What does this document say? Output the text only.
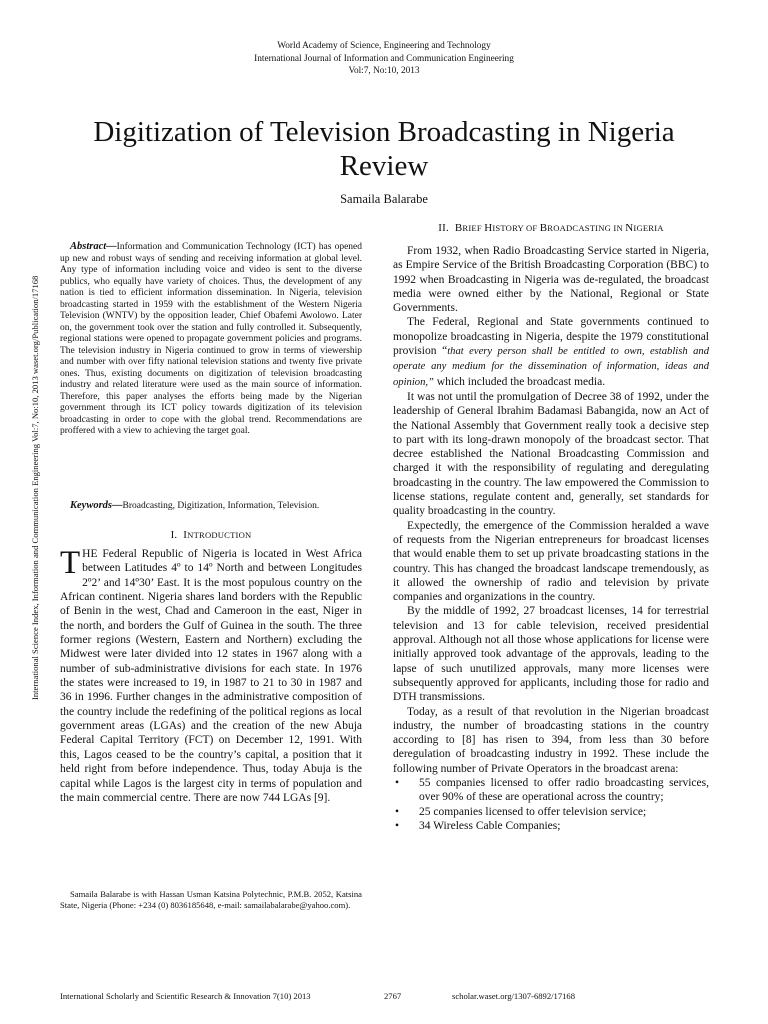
World Academy of Science, Engineering and Technology
International Journal of Information and Communication Engineering
Vol:7, No:10, 2013
Digitization of Television Broadcasting in Nigeria
Review
Samaila Balarabe
International Science Index, Information and Communication Engineering Vol:7, No:10, 2013 waset.org/Publication/17168
Abstract—Information and Communication Technology (ICT) has opened up new and robust ways of sending and receiving information at global level. Any type of information including voice and video is sent to the diverse publics, who equally have variety of choices. Thus, the development of any nation is tied to efficient information dissemination. In Nigeria, television broadcasting started in 1959 with the establishment of the Western Nigeria Television (WNTV) by the opposition leader, Chief Obafemi Awolowo. Later on, the government took over the station and fully controlled it. Subsequently, regional stations were opened to propagate government policies and programs. The television industry in Nigeria continued to grow in terms of viewership and number with over fifty national television stations and twenty five private ones. Thus, existing documents on digitization of television broadcasting industry and related literature were used as the main source of information. Therefore, this paper analyses the efforts being made by the Nigerian government through its ICT policy towards digitization of its television broadcasting in order to cope with the global trend. Recommendations are proffered with a view to achieving the target goal.
Keywords—Broadcasting, Digitization, Information, Television.
I. INTRODUCTION
THE Federal Republic of Nigeria is located in West Africa between Latitudes 4º to 14º North and between Longitudes 2º2’ and 14º30’ East. It is the most populous country on the African continent. Nigeria shares land borders with the Republic of Benin in the west, Chad and Cameroon in the east, Niger in the north, and borders the Gulf of Guinea in the south. The three former regions (Western, Eastern and Northern) excluding the Midwest were later divided into 12 states in 1967 along with a number of sub-administrative divisions for each state. In 1976 the states were increased to 19, in 1987 to 21 to 30 in 1987 and 36 in 1996. Further changes in the administrative composition of the country include the redefining of the political regions as local government areas (LGAs) and the creation of the new Abuja Federal Capital Territory (FCT) on December 12, 1991. With this, Lagos ceased to be the country’s capital, a position that it held right from before independence. Thus, today Abuja is the capital while Lagos is the largest city in terms of population and the main commercial centre. There are now 744 LGAs [9].
Samaila Balarabe is with Hassan Usman Katsina Polytechnic, P.M.B. 2052, Katsina State, Nigeria (Phone: +234 (0) 8036185648, e-mail: samailabalarabe@yahoo.com).
II. BRIEF HISTORY OF BROADCASTING IN NIGERIA

From 1932, when Radio Broadcasting Service started in Nigeria, as Empire Service of the British Broadcasting Corporation (BBC) to 1992 when Broadcasting in Nigeria was de-regulated, the broadcast media were owned either by the National, Regional or State Governments.

The Federal, Regional and State governments continued to monopolize broadcasting in Nigeria, despite the 1979 constitutional provision “that every person shall be entitled to own, establish and operate any medium for the dissemination of information, ideas and opinion,” which included the broadcast media.

It was not until the promulgation of Decree 38 of 1992, under the leadership of General Ibrahim Badamasi Babangida, now an Act of the National Assembly that Government really took a decisive step to part with its long-drawn monopoly of the broadcast sector. That decree established the National Broadcasting Commission and charged it with the responsibility of regulating and deregulating broadcasting in the country. The law empowered the Commission to license stations, regulate content and, generally, set standards for quality broadcasting in the country.

Expectedly, the emergence of the Commission heralded a wave of requests from the Nigerian entrepreneurs for broadcast licenses that would enable them to set up private broadcasting stations in the country. This has changed the broadcast landscape tremendously, as it allowed the ownership of radio and television by private companies and organizations in the country.

By the middle of 1992, 27 broadcast licenses, 14 for terrestrial television and 13 for cable television, received presidential approval. Although not all those whose applications for license were initially approved took advantage of the approvals, leading to the lapse of such unutilized approvals, many more licenses were subsequently approved for applicants, including those for radio and DTH transmissions.

Today, as a result of that revolution in the Nigerian broadcast industry, the number of broadcasting stations in the country according to [8] has risen to 394, from less than 30 before deregulation of broadcasting industry in 1992. These include the following number of Private Operators in the broadcast arena:

• 55 companies licensed to offer radio broadcasting services, over 90% of these are operational across the country;
• 25 companies licensed to offer television service;
• 34 Wireless Cable Companies;
International Scholarly and Scientific Research & Innovation 7(10) 2013	2767	scholar.waset.org/1307-6892/17168
